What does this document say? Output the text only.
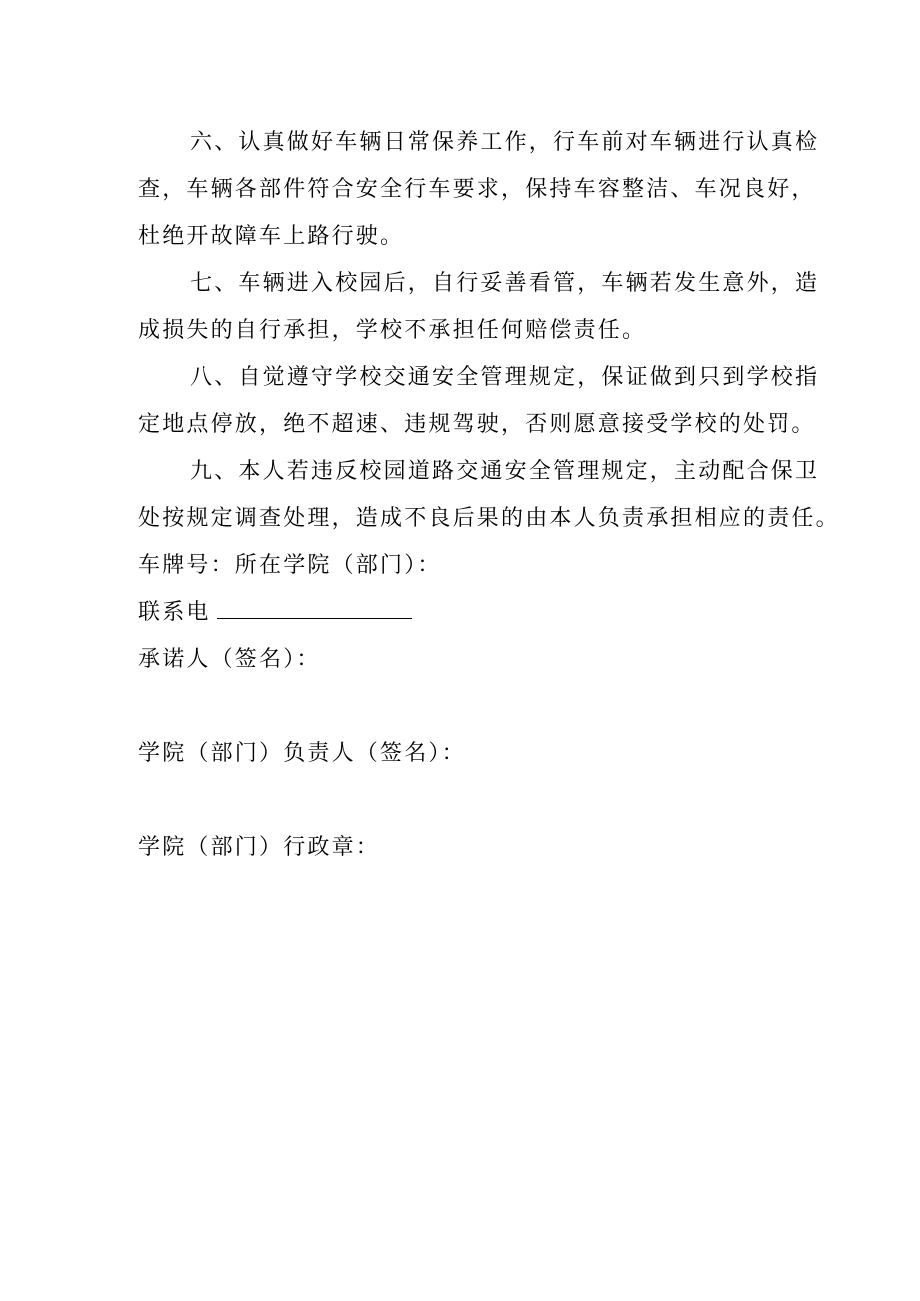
六、认真做好车辆日常保养工作，行车前对车辆进行认真检
查，车辆各部件符合安全行车要求，保持车容整洁、车况良好，
杜绝开故障车上路行驶。

七、车辆进入校园后，自行妥善看管，车辆若发生意外，造
成损失的自行承担，学校不承担任何赔偿责任。

八、自觉遵守学校交通安全管理规定，保证做到只到学校指
定地点停放，绝不超速、违规驾驶，否则愿意接受学校的处罚。

九、本人若违反校园道路交通安全管理规定，主动配合保卫
处按规定调查处理，造成不良后果的由本人负责承担相应的责任。

车牌号：所在学院（部门）：

联系电

承诺人（签名）：

学院（部门）负责人（签名）：

学院（部门）行政章：
